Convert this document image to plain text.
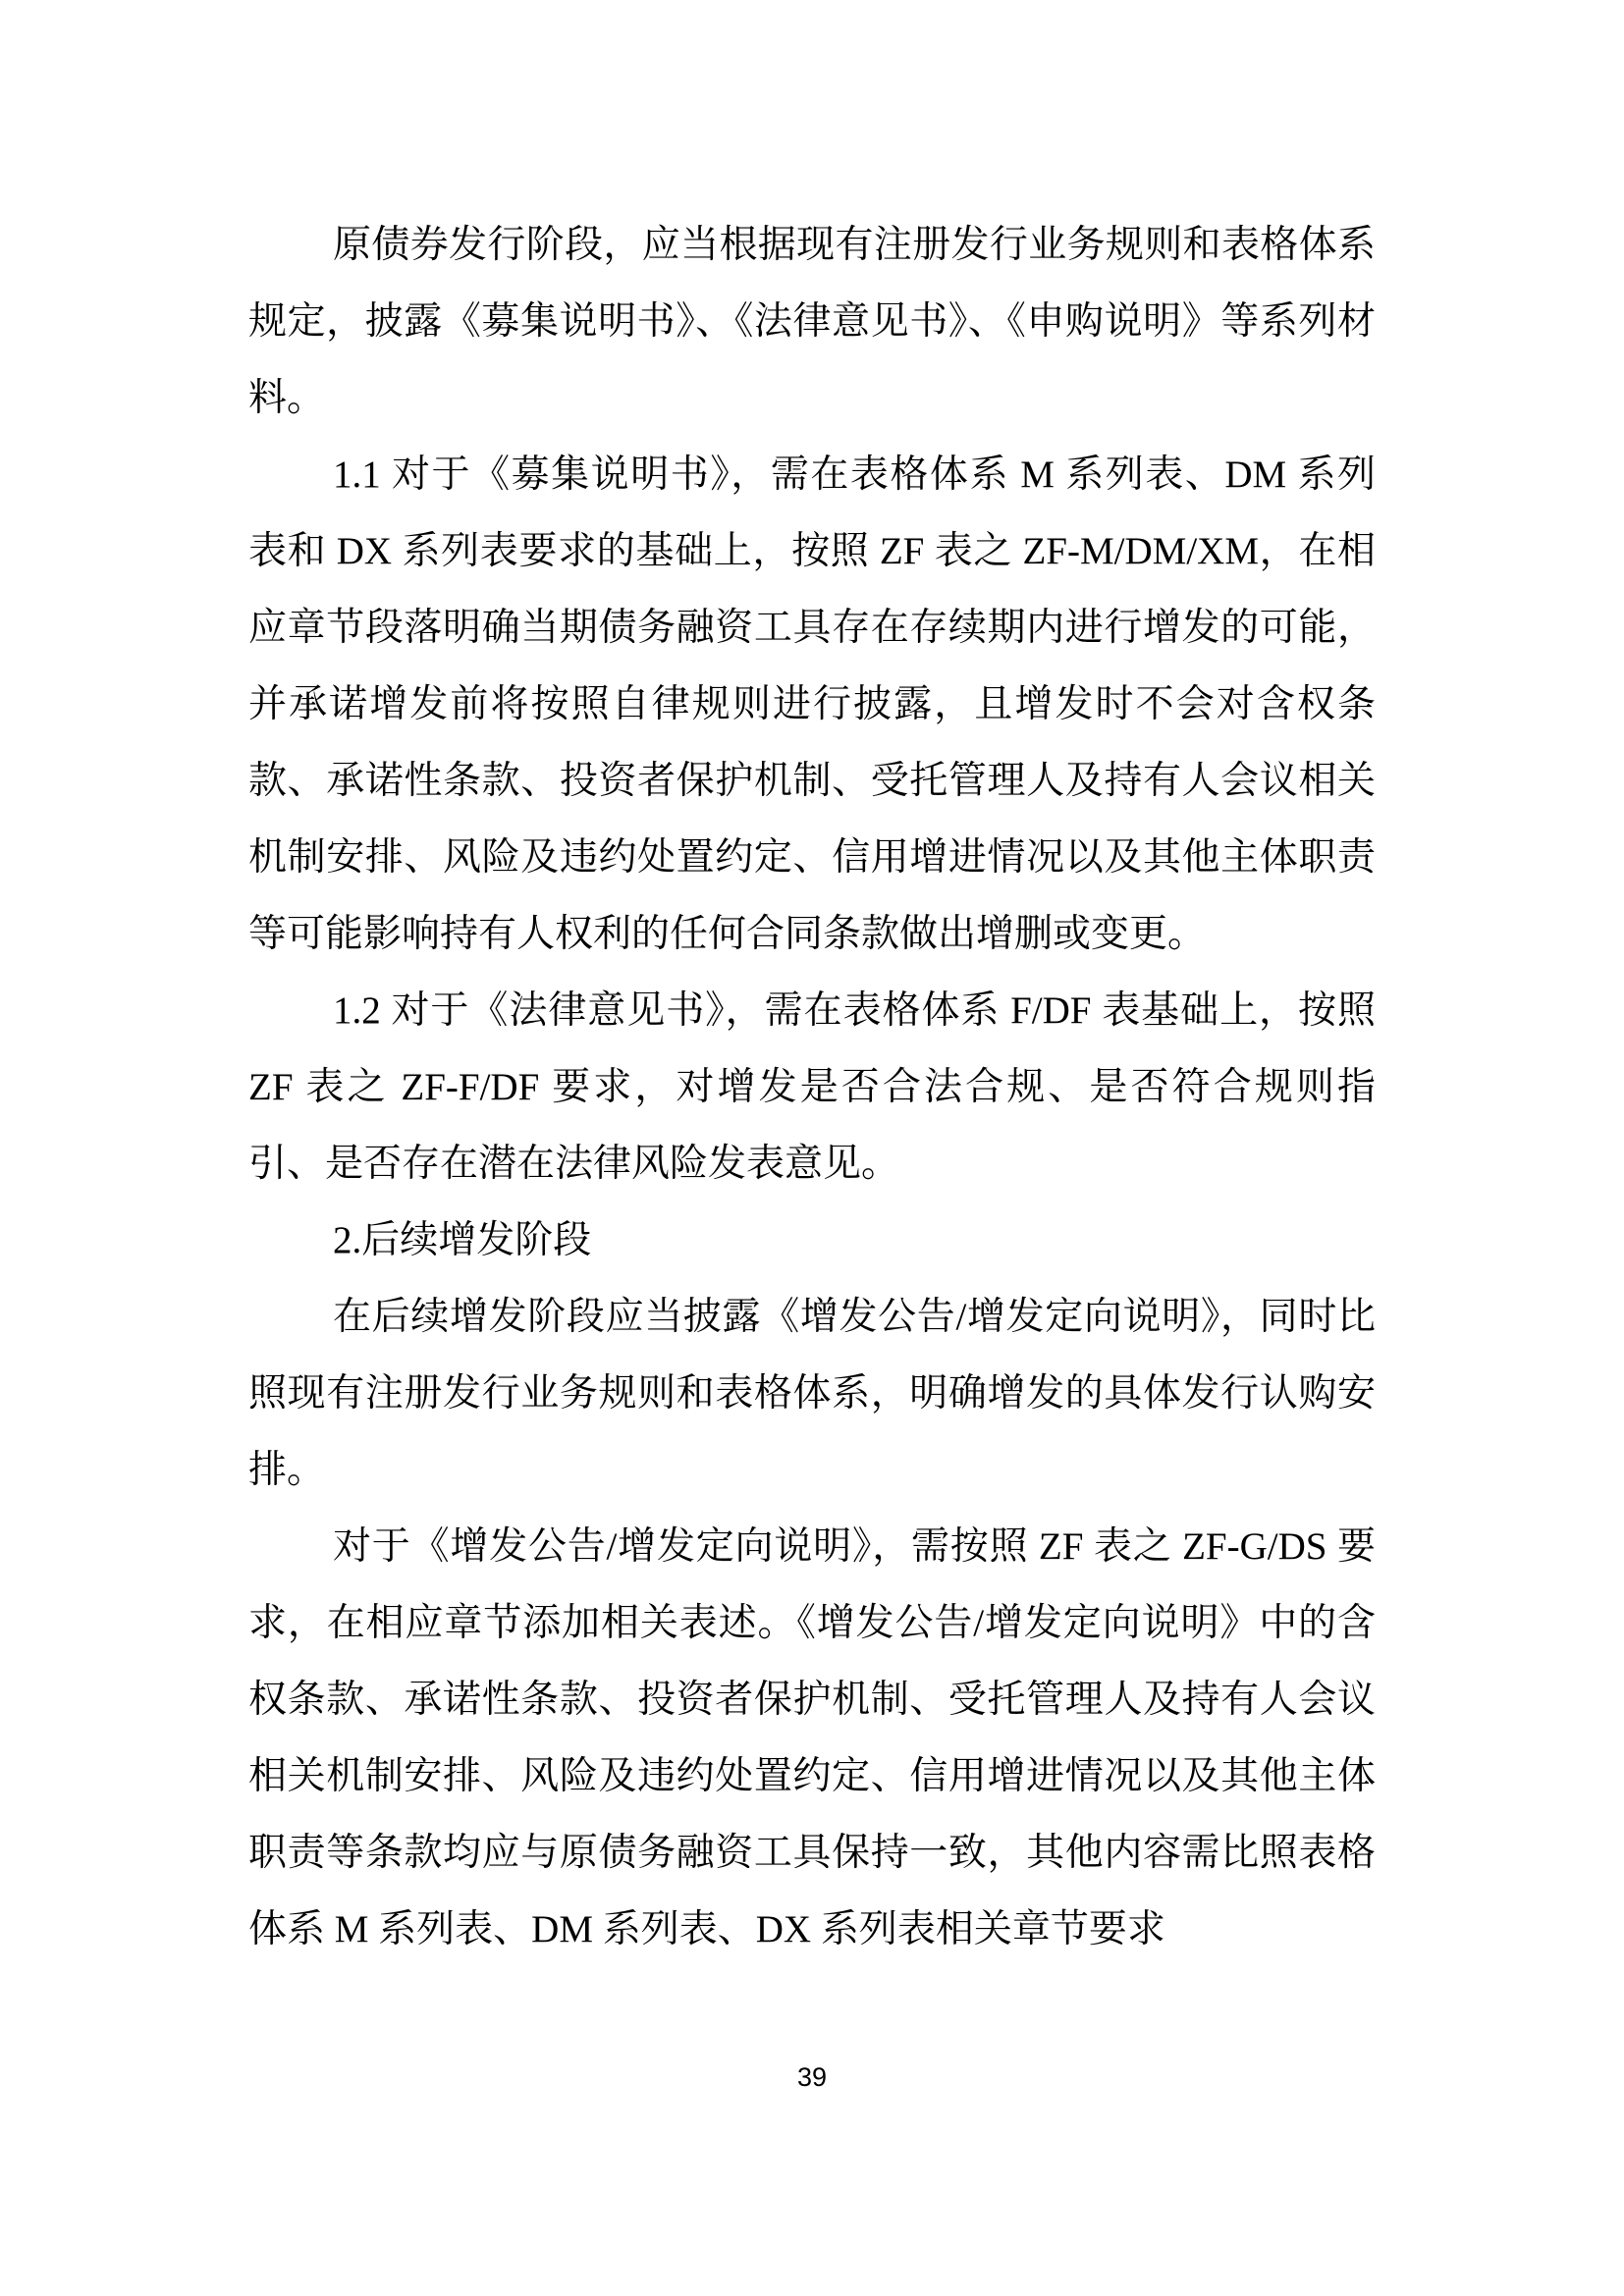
原债券发行阶段，应当根据现有注册发行业务规则和表格体系规定，披露《募集说明书》、《法律意见书》、《申购说明》等系列材料。

1.1 对于《募集说明书》，需在表格体系 M 系列表、DM 系列表和 DX 系列表要求的基础上，按照 ZF 表之 ZF-M/DM/XM，在相应章节段落明确当期债务融资工具存在存续期内进行增发的可能，并承诺增发前将按照自律规则进行披露，且增发时不会对含权条款、承诺性条款、投资者保护机制、受托管理人及持有人会议相关机制安排、风险及违约处置约定、信用增进情况以及其他主体职责等可能影响持有人权利的任何合同条款做出增删或变更。

1.2 对于《法律意见书》，需在表格体系 F/DF 表基础上，按照 ZF 表之 ZF-F/DF 要求，对增发是否合法合规、是否符合规则指引、是否存在潜在法律风险发表意见。

2.后续增发阶段

在后续增发阶段应当披露《增发公告/增发定向说明》，同时比照现有注册发行业务规则和表格体系，明确增发的具体发行认购安排。

对于《增发公告/增发定向说明》，需按照 ZF 表之 ZF-G/DS 要求，在相应章节添加相关表述。《增发公告/增发定向说明》中的含权条款、承诺性条款、投资者保护机制、受托管理人及持有人会议相关机制安排、风险及违约处置约定、信用增进情况以及其他主体职责等条款均应与原债务融资工具保持一致，其他内容需比照表格体系 M 系列表、DM 系列表、DX 系列表相关章节要求

39
